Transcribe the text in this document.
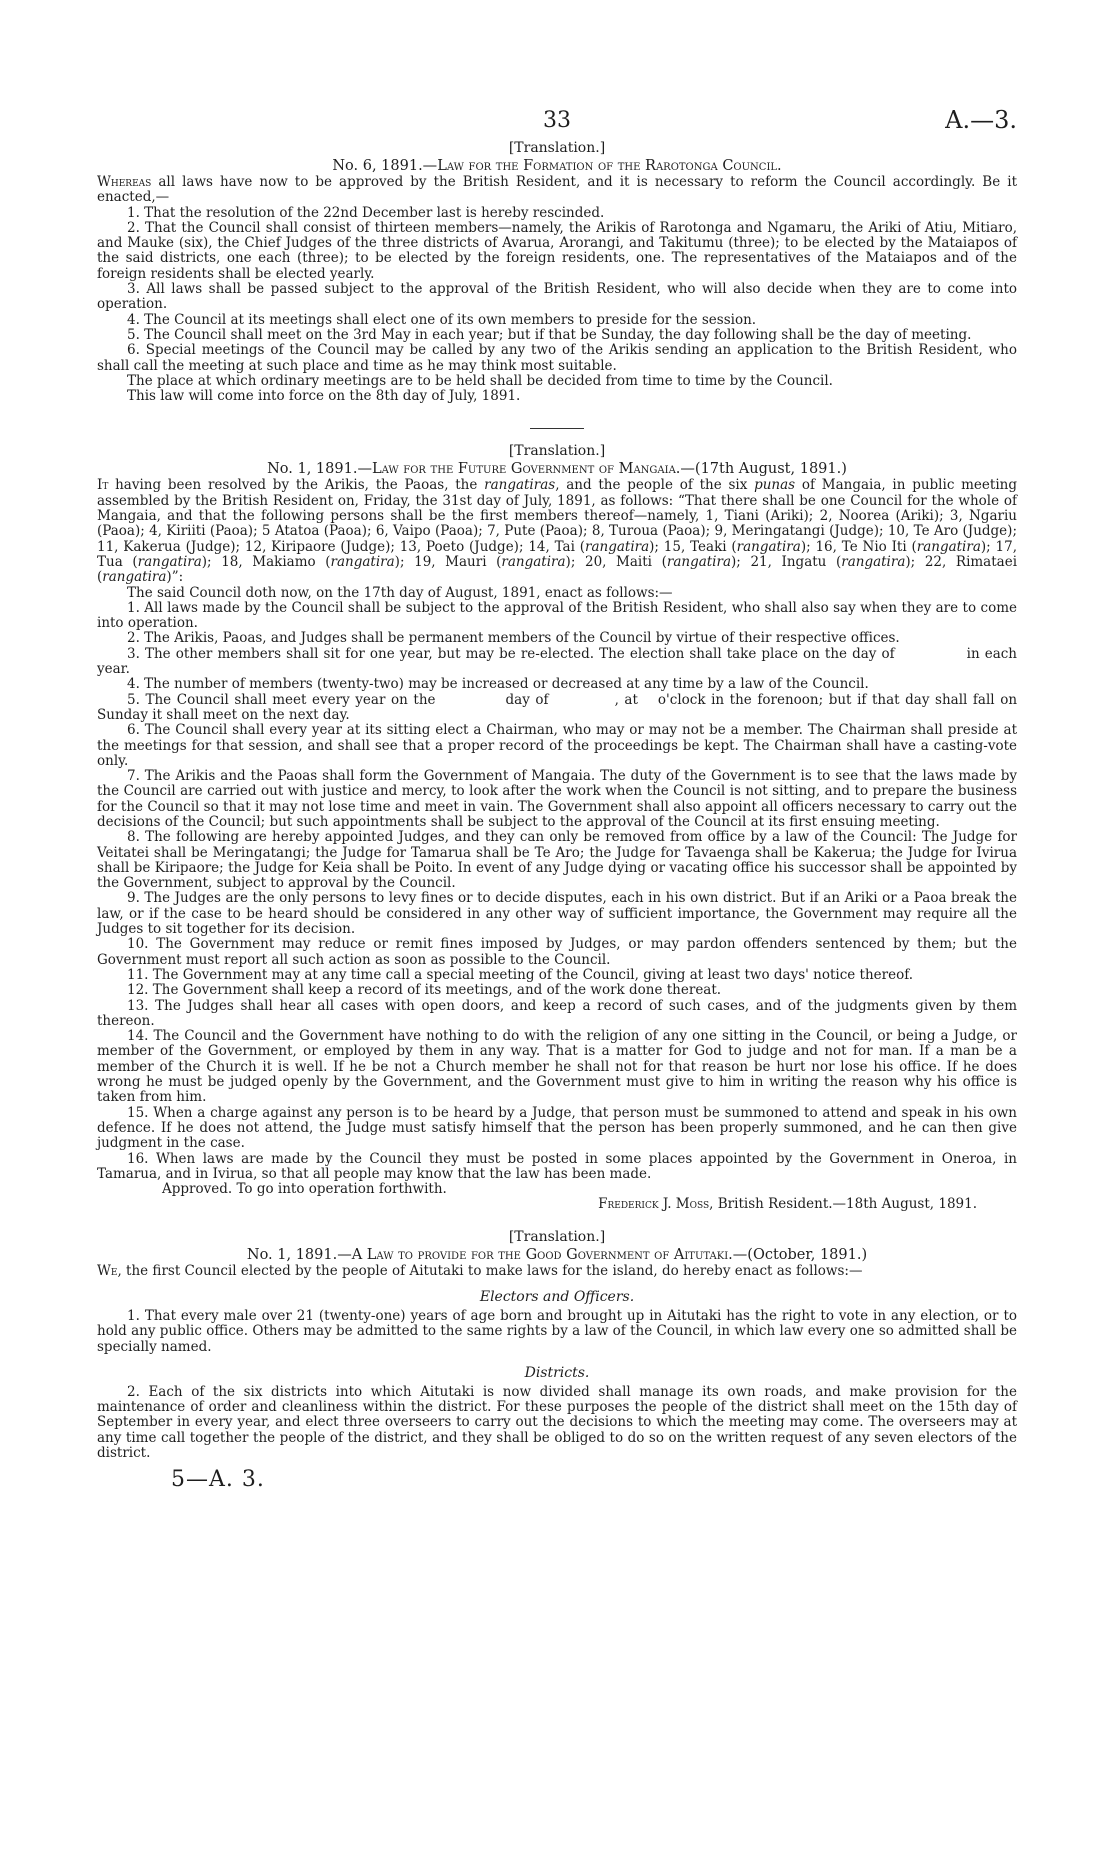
33	A.—3.
[Translation.]
No. 6, 1891.—Law for the Formation of the Rarotonga Council.

Whereas all laws have now to be approved by the British Resident, and it is necessary to reform the Council accordingly. Be it enacted,—

1. That the resolution of the 22nd December last is hereby rescinded.

2. That the Council shall consist of thirteen members—namely, the Arikis of Rarotonga and Ngamaru, the Ariki of Atiu, Mitiaro, and Mauke (six), the Chief Judges of the three districts of Avarua, Arorangi, and Takitumu (three); to be elected by the Mataiapos of the said districts, one each (three); to be elected by the foreign residents, one. The representatives of the Mataiapos and of the foreign residents shall be elected yearly.

3. All laws shall be passed subject to the approval of the British Resident, who will also decide when they are to come into operation.

4. The Council at its meetings shall elect one of its own members to preside for the session.

5. The Council shall meet on the 3rd May in each year; but if that be Sunday, the day following shall be the day of meeting.

6. Special meetings of the Council may be called by any two of the Arikis sending an application to the British Resident, who shall call the meeting at such place and time as he may think most suitable.

The place at which ordinary meetings are to be held shall be decided from time to time by the Council.

This law will come into force on the 8th day of July, 1891.

[Translation.]
No. 1, 1891.—Law for the Future Government of Mangaia.—(17th August, 1891.)

It having been resolved by the Arikis, the Paoas, the rangatiras, and the people of the six punas of Mangaia, in public meeting assembled by the British Resident on, Friday, the 31st day of July, 1891, as follows: “That there shall be one Council for the whole of Mangaia, and that the following persons shall be the first members thereof—namely, 1, Tiani (Ariki); 2, Noorea (Ariki); 3, Ngariu (Paoa); 4, Kiriiti (Paoa); 5 Atatoa (Paoa); 6, Vaipo (Paoa); 7, Pute (Paoa); 8, Turoua (Paoa); 9, Meringatangi (Judge); 10, Te Aro (Judge); 11, Kakerua (Judge); 12, Kiripaore (Judge); 13, Poeto (Judge); 14, Tai (rangatira); 15, Teaki (rangatira); 16, Te Nio Iti (rangatira); 17, Tua (rangatira); 18, Makiamo (rangatira); 19, Mauri (rangatira); 20, Maiti (rangatira); 21, Ingatu (rangatira); 22, Rimataei (rangatira)”:

The said Council doth now, on the 17th day of August, 1891, enact as follows:—

1. All laws made by the Council shall be subject to the approval of the British Resident, who shall also say when they are to come into operation.

2. The Arikis, Paoas, and Judges shall be permanent members of the Council by virtue of their respective offices.

3. The other members shall sit for one year, but may be re-elected. The election shall take place on the day of	in each year.

4. The number of members (twenty-two) may be increased or decreased at any time by a law of the Council.

5. The Council shall meet every year on the	day of	, at o'clock in the forenoon; but if that day shall fall on Sunday it shall meet on the next day.

6. The Council shall every year at its sitting elect a Chairman, who may or may not be a member. The Chairman shall preside at the meetings for that session, and shall see that a proper record of the proceedings be kept. The Chairman shall have a casting-vote only.

7. The Arikis and the Paoas shall form the Government of Mangaia. The duty of the Government is to see that the laws made by the Council are carried out with justice and mercy, to look after the work when the Council is not sitting, and to prepare the business for the Council so that it may not lose time and meet in vain. The Government shall also appoint all officers necessary to carry out the decisions of the Council; but such appointments shall be subject to the approval of the Council at its first ensuing meeting.

8. The following are hereby appointed Judges, and they can only be removed from office by a law of the Council: The Judge for Veitatei shall be Meringatangi; the Judge for Tamarua shall be Te Aro; the Judge for Tavaenga shall be Kakerua; the Judge for Ivirua shall be Kiripaore; the Judge for Keia shall be Poito. In event of any Judge dying or vacating office his successor shall be appointed by the Government, subject to approval by the Council.

9. The Judges are the only persons to levy fines or to decide disputes, each in his own district. But if an Ariki or a Paoa break the law, or if the case to be heard should be considered in any other way of sufficient importance, the Government may require all the Judges to sit together for its decision.

10. The Government may reduce or remit fines imposed by Judges, or may pardon offenders sentenced by them; but the Government must report all such action as soon as possible to the Council.

11. The Government may at any time call a special meeting of the Council, giving at least two days' notice thereof.

12. The Government shall keep a record of its meetings, and of the work done thereat.

13. The Judges shall hear all cases with open doors, and keep a record of such cases, and of the judgments given by them thereon.

14. The Council and the Government have nothing to do with the religion of any one sitting in the Council, or being a Judge, or member of the Government, or employed by them in any way. That is a matter for God to judge and not for man. If a man be a member of the Church it is well. If he be not a Church member he shall not for that reason be hurt nor lose his office. If he does wrong he must be judged openly by the Government, and the Government must give to him in writing the reason why his office is taken from him.

15. When a charge against any person is to be heard by a Judge, that person must be summoned to attend and speak in his own defence. If he does not attend, the Judge must satisfy himself that the person has been properly summoned, and he can then give judgment in the case.

16. When laws are made by the Council they must be posted in some places appointed by the Government in Oneroa, in Tamarua, and in Ivirua, so that all people may know that the law has been made.

Approved. To go into operation forthwith.

Frederick J. Moss, British Resident.—18th August, 1891.

[Translation.]
No. 1, 1891.—A Law to provide for the Good Government of Aitutaki.—(October, 1891.)

We, the first Council elected by the people of Aitutaki to make laws for the island, do hereby enact as follows:—

Electors and Officers.

1. That every male over 21 (twenty-one) years of age born and brought up in Aitutaki has the right to vote in any election, or to hold any public office. Others may be admitted to the same rights by a law of the Council, in which law every one so admitted shall be specially named.

Districts.

2. Each of the six districts into which Aitutaki is now divided shall manage its own roads, and make provision for the maintenance of order and cleanliness within the district. For these purposes the people of the district shall meet on the 15th day of September in every year, and elect three overseers to carry out the decisions to which the meeting may come. The overseers may at any time call together the people of the district, and they shall be obliged to do so on the written request of any seven electors of the district.

5—A. 3.
